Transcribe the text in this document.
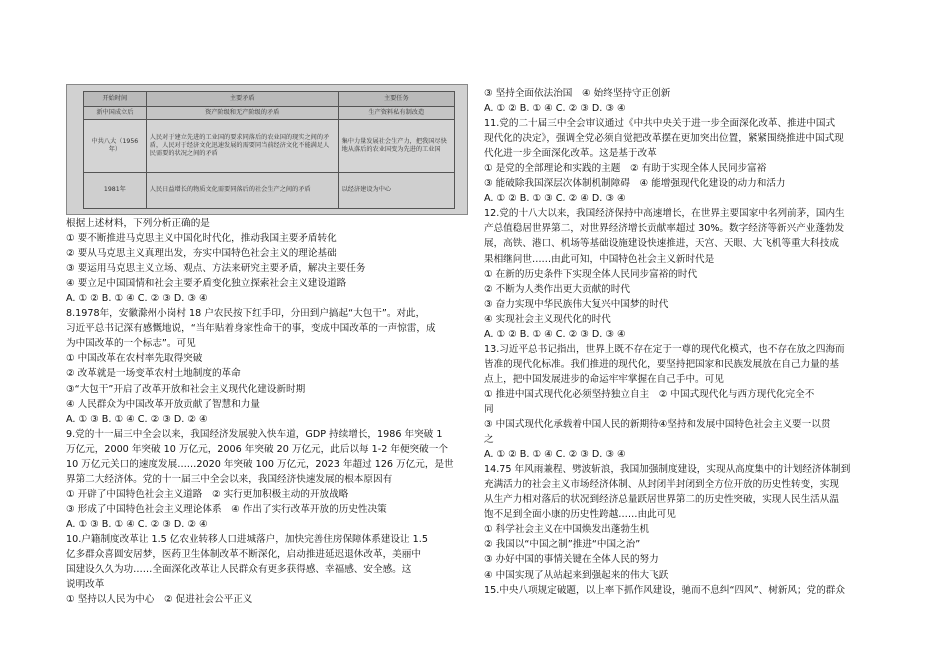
开始时间	主要矛盾	主要任务
新中国成立后	资产阶级和无产阶级的矛盾	生产资料私有制改造
中共八大（1956年）	人民对于建立先进的工业国的要求同落后的农业国的现实之间的矛盾，人民对于经济文化迅速发展的需要同当前经济文化不能满足人民需要的状况之间的矛盾	集中力量发展社会生产力，把我国尽快地从落后的农业国变为先进的工业国
1981年	人民日益增长的物质文化需要同落后的社会生产之间的矛盾	以经济建设为中心
根据上述材料，下列分析正确的是
① 要不断推进马克思主义中国化时代化，推动我国主要矛盾转化
② 要从马克思主义真理出发，夯实中国特色社会主义的理论基础
③ 要运用马克思主义立场、观点、方法来研究主要矛盾，解决主要任务
④ 要立足中国国情和社会主要矛盾变化独立探索社会主义建设道路
A. ① ② B. ① ④ C. ② ③ D. ③ ④
8.1978年，安徽滁州小岗村 18 户农民按下红手印，分田到户搞起“大包干”。对此，
习近平总书记深有感慨地说，“当年贴着身家性命干的事，变成中国改革的一声惊雷，成
为中国改革的一个标志”。可见
① 中国改革在农村率先取得突破
② 改革就是一场变革农村土地制度的革命
③“大包干”开启了改革开放和社会主义现代化建设新时期
④ 人民群众为中国改革开放贡献了智慧和力量
A. ① ③ B. ① ④ C. ② ③ D. ② ④
9.党的十一届三中全会以来，我国经济发展驶入快车道，GDP 持续增长，1986 年突破 1
万亿元，2000 年突破 10 万亿元，2006 年突破 20 万亿元，此后以每 1-2 年便突破一个
10 万亿元关口的速度发展……2020 年突破 100 万亿元，2023 年超过 126 万亿元，是世
界第二大经济体。党的十一届三中全会以来，我国经济快速发展的根本原因有
① 开辟了中国特色社会主义道路　② 实行更加积极主动的开放战略
③ 形成了中国特色社会主义理论体系　④ 作出了实行改革开放的历史性决策
A. ① ③ B. ① ④ C. ② ③ D. ② ④
10.户籍制度改革让 1.5 亿农业转移人口进城落户，加快完善住房保障体系建设让 1.5
亿多群众喜圆安居梦，医药卫生体制改革不断深化，启动推进延迟退休改革，美丽中
国建设久久为功……全面深化改革让人民群众有更多获得感、幸福感、安全感。这
说明改革
① 坚持以人民为中心　② 促进社会公平正义
③ 坚持全面依法治国　④ 始终坚持守正创新
A. ① ② B. ① ④ C. ② ③ D. ③ ④
11.党的二十届三中全会审议通过《中共中央关于进一步全面深化改革、推进中国式
现代化的决定》，强调全党必须自觉把改革摆在更加突出位置，紧紧围绕推进中国式现
代化进一步全面深化改革。这是基于改革
① 是党的全部理论和实践的主题　② 有助于实现全体人民同步富裕
③ 能破除我国深层次体制机制障碍　④ 能增强现代化建设的动力和活力
A. ① ② B. ① ③ C. ② ④ D. ③ ④
12.党的十八大以来，我国经济保持中高速增长，在世界主要国家中名列前茅，国内生
产总值稳居世界第二，对世界经济增长贡献率超过 30%。数字经济等新兴产业蓬勃发
展，高铁、港口、机场等基础设施建设快速推进，天宫、天眼、大飞机等重大科技成
果相继问世……由此可知，中国特色社会主义新时代是
① 在新的历史条件下实现全体人民同步富裕的时代
② 不断为人类作出更大贡献的时代
③ 奋力实现中华民族伟大复兴中国梦的时代
④ 实现社会主义现代化的时代
A. ① ② B. ① ④ C. ② ③ D. ③ ④
13.习近平总书记指出，世界上既不存在定于一尊的现代化模式，也不存在放之四海而
皆准的现代化标准。我们推进的现代化，要坚持把国家和民族发展放在自己力量的基
点上，把中国发展进步的命运牢牢掌握在自己手中。可见
① 推进中国式现代化必须坚持独立自主　② 中国式现代化与西方现代化完全不
同
③ 中国式现代化承载着中国人民的新期待④坚持和发展中国特色社会主义要一以贯
之
A. ① ② B. ① ④ C. ② ③ D. ③ ④
14.75 年风雨兼程、劈波斩浪，我国加强制度建设，实现从高度集中的计划经济体制到
充满活力的社会主义市场经济体制、从封闭半封闭到全方位开放的历史性转变，实现
从生产力相对落后的状况到经济总量跃居世界第二的历史性突破，实现人民生活从温
饱不足到全面小康的历史性跨越……由此可见
① 科学社会主义在中国焕发出蓬勃生机
② 我国以“中国之制”推进“中国之治”
③ 办好中国的事情关键在全体人民的努力
④ 中国实现了从站起来到强起来的伟大飞跃
15.中央八项规定破题，以上率下抓作风建设，驰而不息纠“四风”、树新风；党的群众
